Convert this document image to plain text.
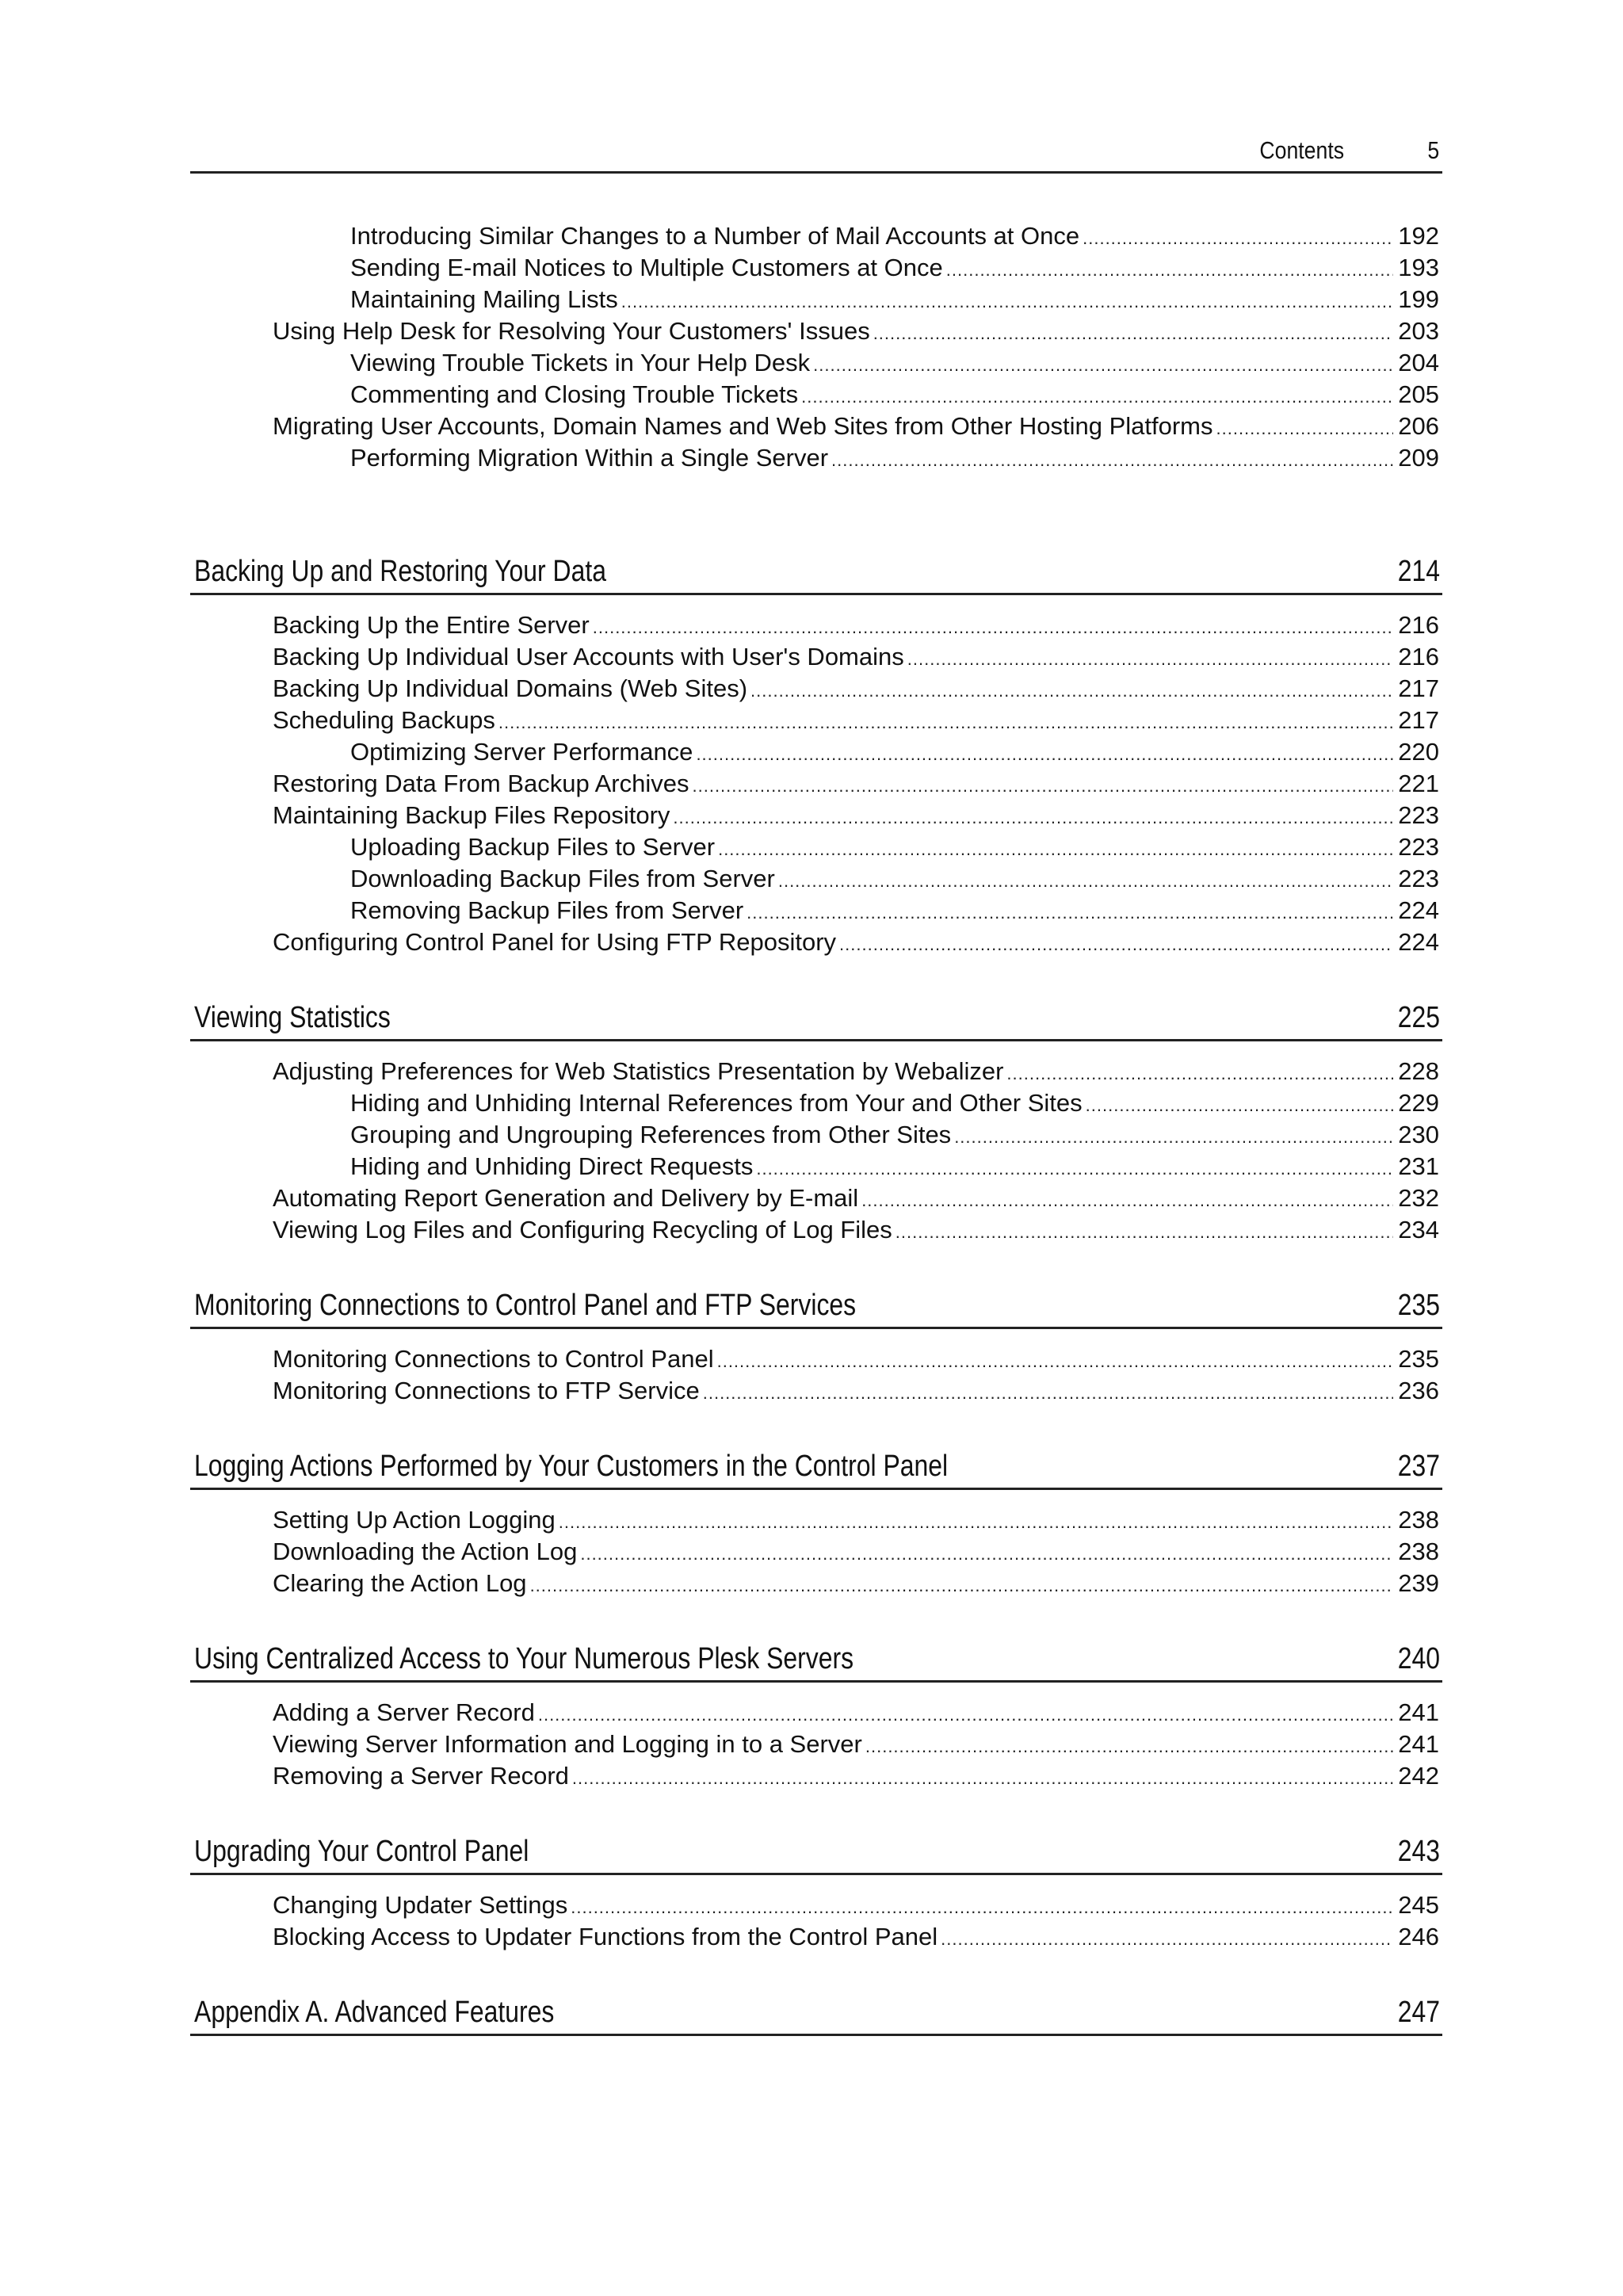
Contents	5
Introducing Similar Changes to a Number of Mail Accounts at Once .....	192
Sending E-mail Notices to Multiple Customers at Once .....	193
Maintaining Mailing Lists .....	199
Using Help Desk for Resolving Your Customers' Issues .....	203
Viewing Trouble Tickets in Your Help Desk .....	204
Commenting and Closing Trouble Tickets .....	205
Migrating User Accounts, Domain Names and Web Sites from Other Hosting Platforms .....	206
Performing Migration Within a Single Server .....	209
Backing Up and Restoring Your Data	214
Backing Up the Entire Server .....	216
Backing Up Individual User Accounts with User's Domains .....	216
Backing Up Individual Domains (Web Sites) .....	217
Scheduling Backups .....	217
Optimizing Server Performance .....	220
Restoring Data From Backup Archives .....	221
Maintaining Backup Files Repository .....	223
Uploading Backup Files to Server .....	223
Downloading Backup Files from Server .....	223
Removing Backup Files from Server .....	224
Configuring Control Panel for Using FTP Repository .....	224
Viewing Statistics	225
Adjusting Preferences for Web Statistics Presentation by Webalizer .....	228
Hiding and Unhiding Internal References from Your and Other Sites .....	229
Grouping and Ungrouping References from Other Sites .....	230
Hiding and Unhiding Direct Requests .....	231
Automating Report Generation and Delivery by E-mail .....	232
Viewing Log Files and Configuring Recycling of Log Files .....	234
Monitoring Connections to Control Panel and FTP Services	235
Monitoring Connections to Control Panel .....	235
Monitoring Connections to FTP Service .....	236
Logging Actions Performed by Your Customers in the Control Panel	237
Setting Up Action Logging .....	238
Downloading the Action Log .....	238
Clearing the Action Log .....	239
Using Centralized Access to Your Numerous Plesk Servers	240
Adding a Server Record .....	241
Viewing Server Information and Logging in to a Server .....	241
Removing a Server Record .....	242
Upgrading Your Control Panel	243
Changing Updater Settings .....	245
Blocking Access to Updater Functions from the Control Panel .....	246
Appendix A. Advanced Features	247
